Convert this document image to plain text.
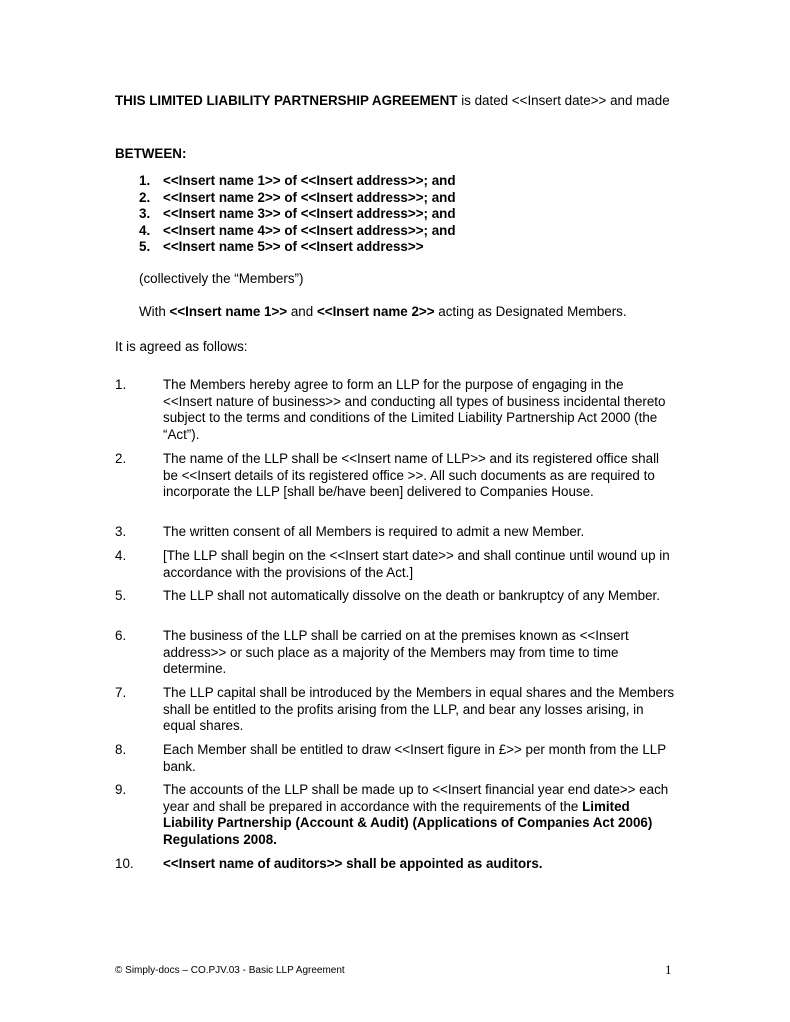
THIS LIMITED LIABILITY PARTNERSHIP AGREEMENT is dated <<Insert date>> and made
BETWEEN:
1. <<Insert name 1>> of <<Insert address>>; and
2. <<Insert name 2>> of <<Insert address>>; and
3. <<Insert name 3>> of <<Insert address>>; and
4. <<Insert name 4>> of <<Insert address>>; and
5. <<Insert name 5>> of <<Insert address>>
(collectively the “Members”)
With <<Insert name 1>> and <<Insert name 2>> acting as Designated Members.
It is agreed as follows:
1.	The Members hereby agree to form an LLP for the purpose of engaging in the <<Insert nature of business>> and conducting all types of business incidental thereto subject to the terms and conditions of the Limited Liability Partnership Act 2000 (the “Act”).
2.	The name of the LLP shall be <<Insert name of LLP>> and its registered office shall be <<Insert details of its registered office >>. All such documents as are required to incorporate the LLP [shall be/have been] delivered to Companies House.
3.	The written consent of all Members is required to admit a new Member.
4.	[The LLP shall begin on the <<Insert start date>> and shall continue until wound up in accordance with the provisions of the Act.]
5.	The LLP shall not automatically dissolve on the death or bankruptcy of any Member.
6.	The business of the LLP shall be carried on at the premises known as <<Insert address>> or such place as a majority of the Members may from time to time determine.
7.	The LLP capital shall be introduced by the Members in equal shares and the Members shall be entitled to the profits arising from the LLP, and bear any losses arising, in equal shares.
8.	Each Member shall be entitled to draw <<Insert figure in £>> per month from the LLP bank.
9.	The accounts of the LLP shall be made up to <<Insert financial year end date>> each year and shall be prepared in accordance with the requirements of the Limited Liability Partnership (Account & Audit) (Applications of Companies Act 2006) Regulations 2008.
10. <<Insert name of auditors>> shall be appointed as auditors.
© Simply-docs – CO.PJV.03 - Basic LLP Agreement	1
